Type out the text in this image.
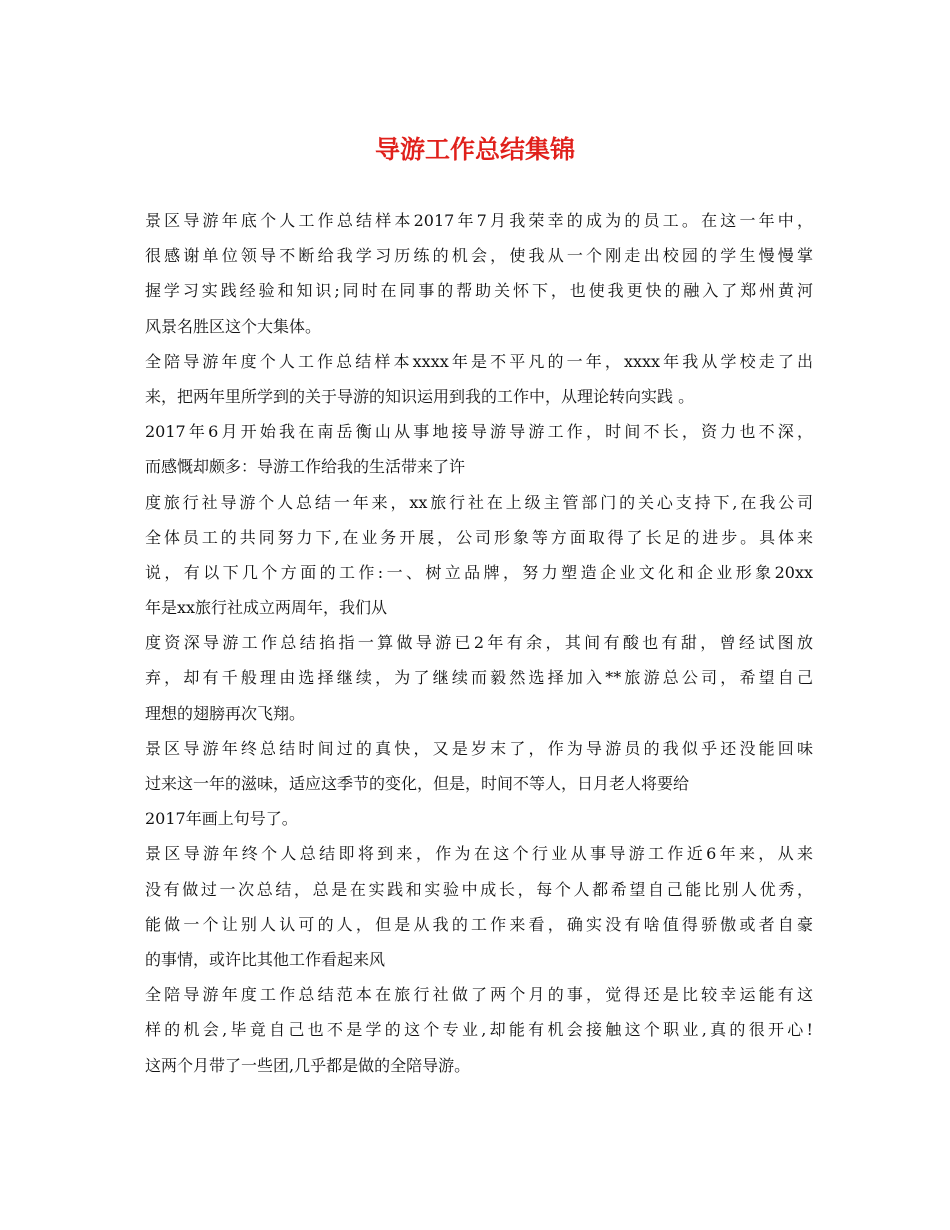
导游工作总结集锦
景区导游年底个人工作总结样本2017年7月我荣幸的成为的员工。在这一年中，
很感谢单位领导不断给我学习历练的机会，使我从一个刚走出校园的学生慢慢掌
握学习实践经验和知识;同时在同事的帮助关怀下，也使我更快的融入了郑州黄河
风景名胜区这个大集体。
全陪导游年度个人工作总结样本xxxx年是不平凡的一年，xxxx年我从学校走了出
来，把两年里所学到的关于导游的知识运用到我的工作中，从理论转向实践 。
2017年6月开始我在南岳衡山从事地接导游导游工作，时间不长，资力也不深，
而感慨却颇多：导游工作给我的生活带来了许
度旅行社导游个人总结一年来，xx旅行社在上级主管部门的关心支持下,在我公司
全体员工的共同努力下,在业务开展，公司形象等方面取得了长足的进步。具体来
说，有以下几个方面的工作:一、树立品牌，努力塑造企业文化和企业形象20xx
年是xx旅行社成立两周年，我们从
度资深导游工作总结掐指一算做导游已2年有余，其间有酸也有甜，曾经试图放
弃，却有千般理由选择继续，为了继续而毅然选择加入**旅游总公司，希望自己
理想的翅膀再次飞翔。
景区导游年终总结时间过的真快，又是岁末了，作为导游员的我似乎还没能回味
过来这一年的滋味，适应这季节的变化，但是，时间不等人，日月老人将要给
2017年画上句号了。
景区导游年终个人总结即将到来，作为在这个行业从事导游工作近6年来，从来
没有做过一次总结，总是在实践和实验中成长，每个人都希望自己能比别人优秀，
能做一个让别人认可的人，但是从我的工作来看，确实没有啥值得骄傲或者自豪
的事情，或许比其他工作看起来风
全陪导游年度工作总结范本在旅行社做了两个月的事，觉得还是比较幸运能有这
样的机会,毕竟自己也不是学的这个专业,却能有机会接触这个职业,真的很开心!
这两个月带了一些团,几乎都是做的全陪导游。
